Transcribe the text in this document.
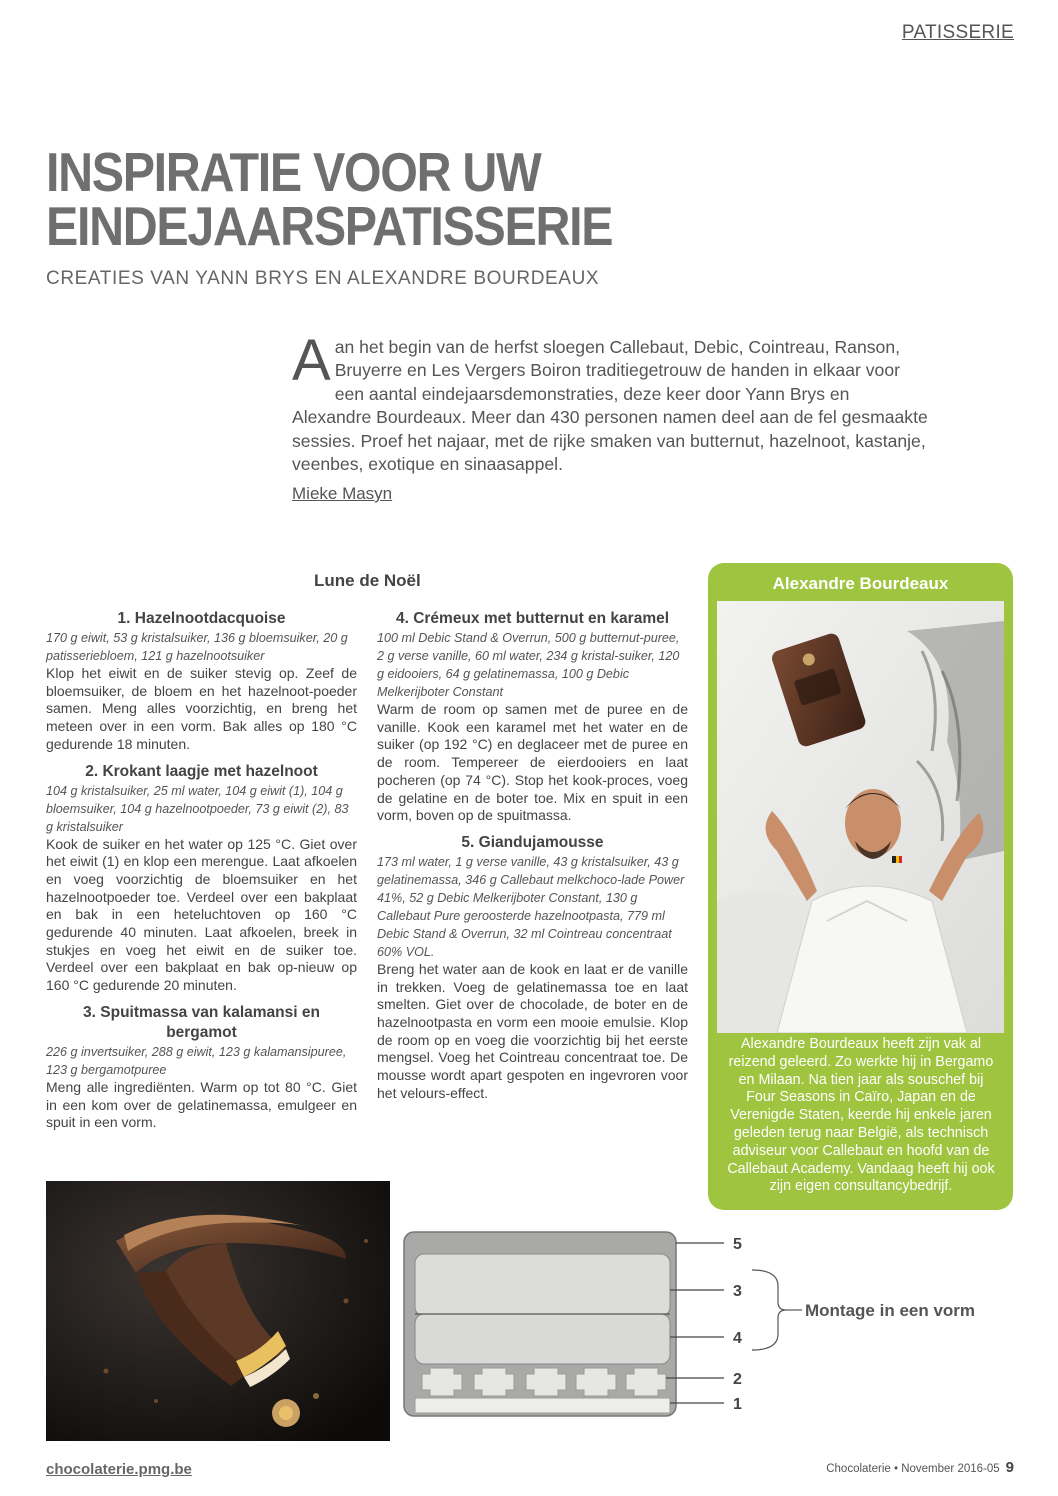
PATISSERIE
INSPIRATIE VOOR UW
EINDEJAARSPATISSERIE
CREATIES VAN YANN BRYS EN ALEXANDRE BOURDEAUX
Aan het begin van de herfst sloegen Callebaut, Debic, Cointreau, Ranson, Bruyerre en Les Vergers Boiron traditiegetrouw de handen in elkaar voor een aantal eindejaarsdemonstraties, deze keer door Yann Brys en Alexandre Bourdeaux. Meer dan 430 personen namen deel aan de fel gesmaakte sessies. Proef het najaar, met de rijke smaken van butternut, hazelnoot, kastanje, veenbes, exotique en sinaasappel.
Mieke Masyn
Lune de Noël
1. Hazelnootdacquoise
170 g eiwit, 53 g kristalsuiker, 136 g bloemsuiker, 20 g patisseriebloem, 121 g hazelnootsuiker

Klop het eiwit en de suiker stevig op. Zeef de bloemsuiker, de bloem en het hazelnoot-poeder samen. Meng alles voorzichtig, en breng het meteen over in een vorm. Bak alles op 180 °C gedurende 18 minuten.

2. Krokant laagje met hazelnoot
104 g kristalsuiker, 25 ml water, 104 g eiwit (1), 104 g bloemsuiker, 104 g hazelnootpoeder, 73 g eiwit (2), 83 g kristalsuiker

Kook de suiker en het water op 125 °C. Giet over het eiwit (1) en klop een merengue. Laat afkoelen en voeg voorzichtig de bloemsuiker en het hazelnootpoeder toe. Verdeel over een bakplaat en bak in een heteluchtoven op 160 °C gedurende 40 minuten. Laat afkoelen, breek in stukjes en voeg het eiwit en de suiker toe. Verdeel over een bakplaat en bak op-nieuw op 160 °C gedurende 20 minuten.

3. Spuitmassa van kalamansi en bergamot
226 g invertsuiker, 288 g eiwit, 123 g kalamansipuree, 123 g bergamotpuree

Meng alle ingrediënten. Warm op tot 80 °C. Giet in een kom over de gelatinemassa, emulgeer en spuit in een vorm.

4. Crémeux met butternut en karamel
100 ml Debic Stand & Overrun, 500 g butternut-puree, 2 g verse vanille, 60 ml water, 234 g kristal-suiker, 120 g eidooiers, 64 g gelatinemassa, 100 g Debic Melkerijboter Constant

Warm de room op samen met de puree en de vanille. Kook een karamel met het water en de suiker (op 192 °C) en deglaceer met de puree en de room. Tempereer de eierdooiers en laat pocheren (op 74 °C). Stop het kook-proces, voeg de gelatine en de boter toe. Mix en spuit in een vorm, boven op de spuitmassa.

5. Giandujamousse
173 ml water, 1 g verse vanille, 43 g kristalsuiker, 43 g gelatinemassa, 346 g Callebaut melkchoco-lade Power 41%, 52 g Debic Melkerijboter Constant, 130 g Callebaut Pure geroosterde hazelnootpasta, 779 ml Debic Stand & Overrun, 32 ml Cointreau concentraat 60% VOL.

Breng het water aan de kook en laat er de vanille in trekken. Voeg de gelatinemassa toe en laat smelten. Giet over de chocolade, de boter en de hazelnootpasta en vorm een mooie emulsie. Klop de room op en voeg die voorzichtig bij het eerste mengsel. Voeg het Cointreau concentraat toe. De mousse wordt apart gespoten en ingevroren voor het velours-effect.

Alexandre Bourdeaux
Alexandre Bourdeaux heeft zijn vak al reizend geleerd. Zo werkte hij in Bergamo en Milaan. Na tien jaar als souschef bij Four Seasons in Caïro, Japan en de Verenigde Staten, keerde hij enkele jaren geleden terug naar België, als technisch adviseur voor Callebaut en hoofd van de Callebaut Academy. Vandaag heeft hij ook zijn eigen consultancybedrijf.
5
3
4
2
1
Montage in een vorm
chocolaterie.pmg.be	Chocolaterie • November 2016-05 9
